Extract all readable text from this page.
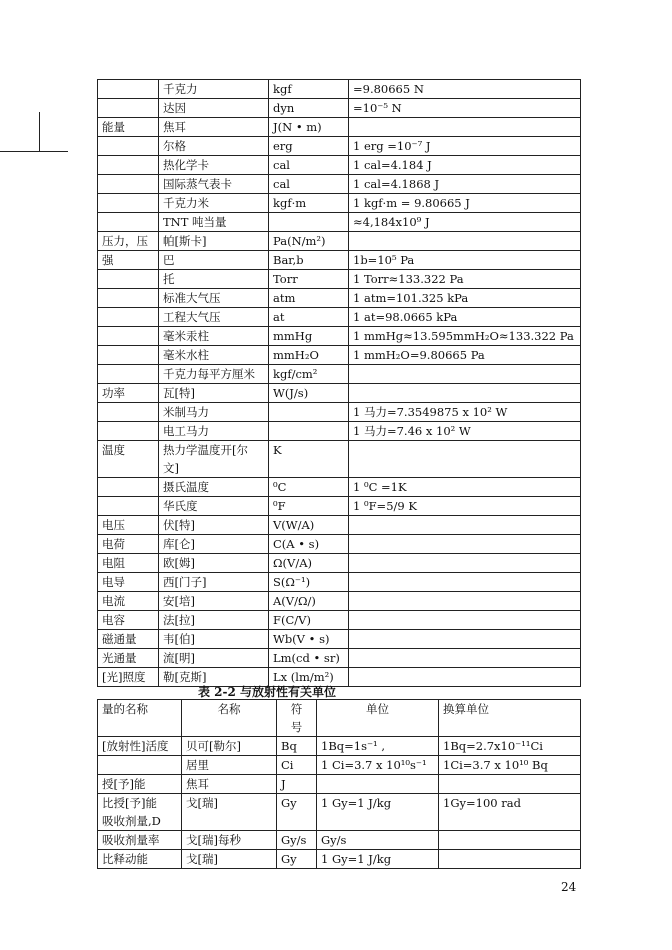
	千克力	kgf	=9.80665 N
	达因	dyn	=10⁻⁵ N
能量	焦耳	J(N • m)	
	尔格	erg	1 erg =10⁻⁷ J
	热化学卡	cal	1 cal=4.184 J
	国际蒸气表卡	cal	1 cal=4.1868 J
	千克力米	kgf·m	1 kgf·m = 9.80665 J
	TNT 吨当量		≈4,184x10⁹ J
压力，压	帕[斯卡]	Pa(N/m²)	
强	巴	Bar,b	1b=10⁵ Pa
	托	Torr	1 Torr≈133.322 Pa
	标准大气压	atm	1 atm=101.325 kPa
	工程大气压	at	1 at=98.0665 kPa
	毫米汞柱	mmHg	1 mmHg≈13.595mmH₂O≈133.322 Pa
	毫米水柱	mmH₂O	1 mmH₂O=9.80665 Pa
	千克力每平方厘米	kgf/cm²	
功率	瓦[特]	W(J/s)	
	米制马力		1 马力=7.3549875 x 10² W
	电工马力		1 马力=7.46 x 10² W
温度	热力学温度开[尔
文]	K	
	摄氏温度	⁰C	1 ⁰C =1K
	华氏度	⁰F	1 ⁰F=5/9 K
电压	伏[特]	V(W/A)	
电荷	库[仑]	C(A • s)	
电阻	欧[姆]	Ω(V/A)	
电导	西[门子]	S(Ω⁻¹)	
电流	安[培]	A(V/Ω/)	
电容	法[拉]	F(C/V)	
磁通量	韦[伯]	Wb(V • s)	
光通量	流[明]	Lm(cd • sr)	
[光]照度	勒[克斯]	Lx (lm/m²)	
表 2-2 与放射性有关单位
量的名称	名称	符
号	单位	换算单位
[放射性]活度	贝可[勒尔]	Bq	1Bq=1s⁻¹ ,	1Bq=2.7x10⁻¹¹Ci
	居里	Ci	1 Ci=3.7 x 10¹⁰s⁻¹	1Ci=3.7 x 10¹⁰ Bq
授[予]能	焦耳	J		
比授[予]能
吸收剂量,D	戈[瑞]	Gy	1 Gy=1 J/kg	1Gy=100 rad
吸收剂量率	戈[瑞]每秒	Gy/s	Gy/s	
比释动能	戈[瑞]	Gy	1 Gy=1 J/kg	
24
